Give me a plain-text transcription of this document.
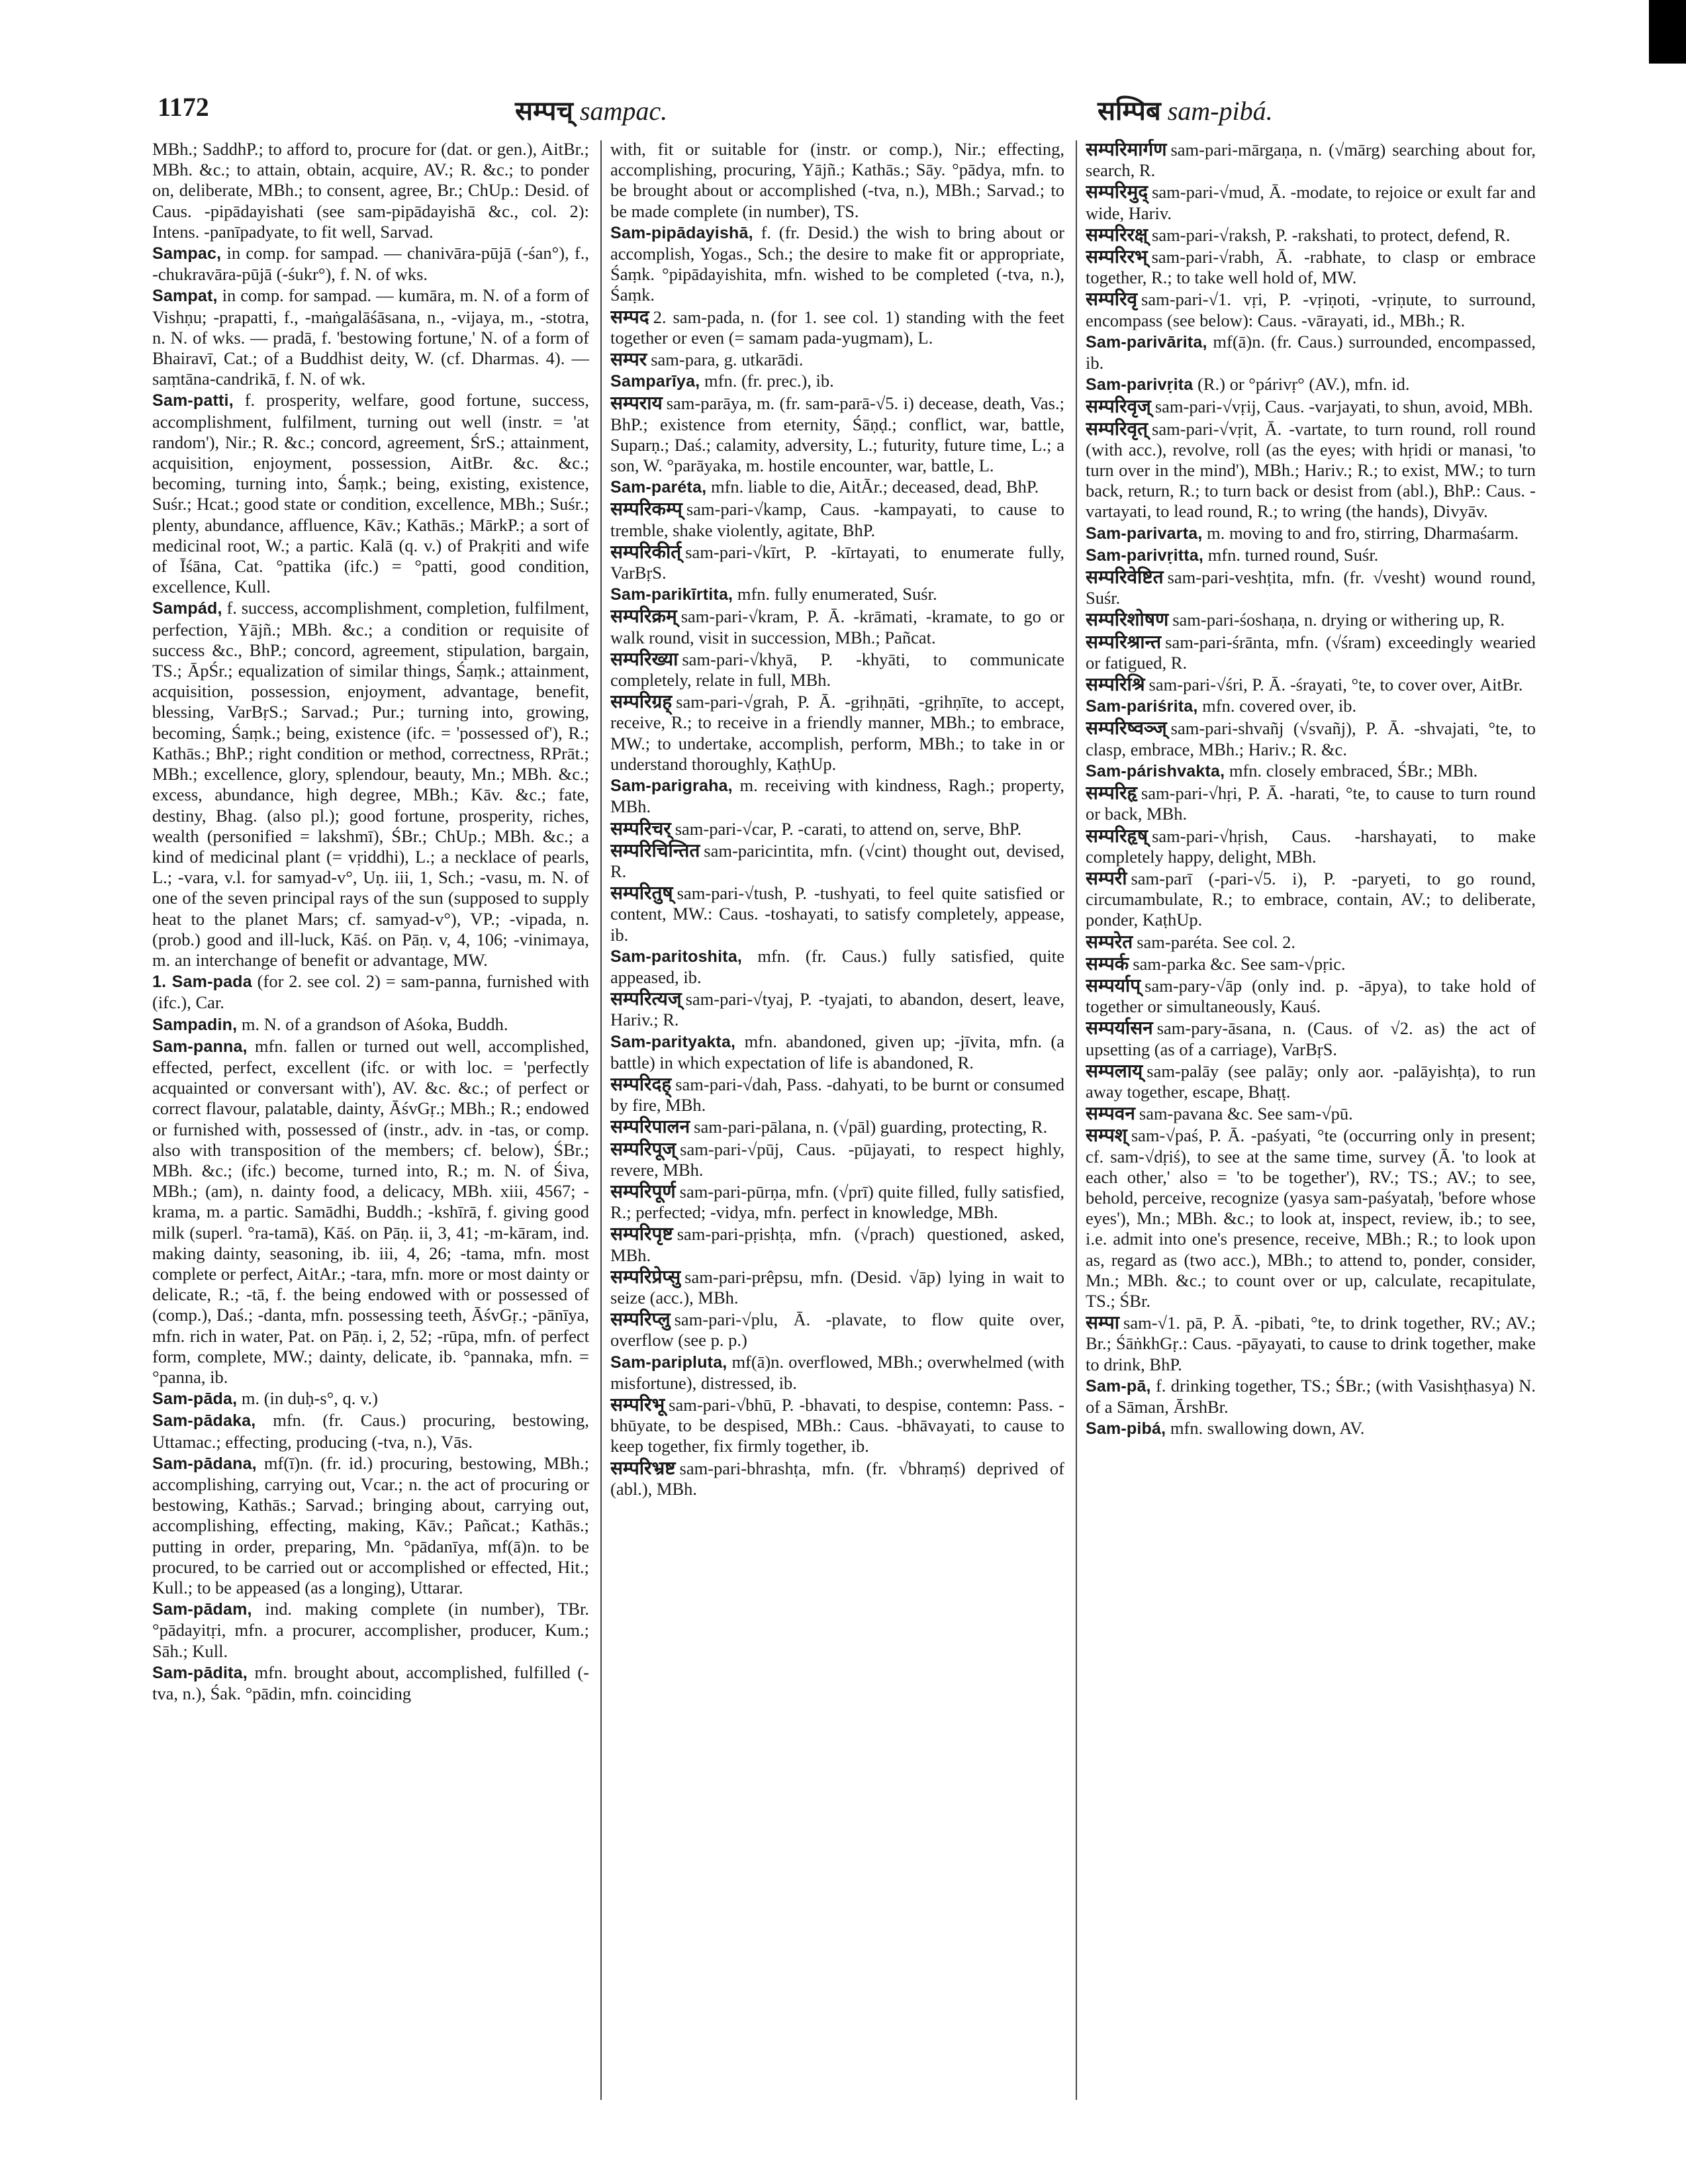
1172	सम्पच् sampac.	सम्पिब sam-pibá.

MBh.; SaddhP.; to afford to, procure for (dat. or gen.), AitBr.; MBh. &c.; to attain, obtain, acquire, AV.; R. &c.; to ponder on, deliberate, MBh.; to consent, agree, Br.; ChUp.: Desid. of Caus. -pipādayishati (see sam-pipādayishā &c., col. 2): Intens. -panīpadyate, to fit well, Sarvad.

Sampac, in comp. for sampad. — chanivāra-pūjā (-śan°), f., -chukravāra-pūjā (-śukr°), f. N. of wks.

Sampat, in comp. for sampad. — kumāra, m. N. of a form of Vishṇu; -prapatti, f., -maṅgalāśāsana, n., -vijaya, m., -stotra, n. N. of wks. — pradā, f. 'bestowing fortune,' N. of a form of Bhairavī, Cat.; of a Buddhist deity, W. (cf. Dharmas. 4). — saṃtāna-candrikā, f. N. of wk.

Sam-patti, f. prosperity, welfare, good fortune, success, accomplishment, fulfilment, turning out well (instr. = 'at random'), Nir.; R. &c.; concord, agreement, ŚrS.; attainment, acquisition, enjoyment, possession, AitBr. &c. &c.; becoming, turning into, Śaṃk.; being, existing, existence, Suśr.; Hcat.; good state or condition, excellence, MBh.; Suśr.; plenty, abundance, affluence, Kāv.; Kathās.; MārkP.; a sort of medicinal root, W.; a partic. Kalā (q. v.) of Prakṛiti and wife of Īśāna, Cat. °pattika (ifc.) = °patti, good condition, excellence, Kull.

Sampád, f. success, accomplishment, completion, fulfilment, perfection, Yājñ.; MBh. &c.; a condition or requisite of success &c., BhP.; concord, agreement, stipulation, bargain, TS.; ĀpŚr.; equalization of similar things, Śaṃk.; attainment, acquisition, possession, enjoyment, advantage, benefit, blessing, VarBṛS.; Sarvad.; Pur.; turning into, growing, becoming, Śaṃk.; being, existence (ifc. = 'possessed of'), R.; Kathās.; BhP.; right condition or method, correctness, RPrāt.; MBh.; excellence, glory, splendour, beauty, Mn.; MBh. &c.; excess, abundance, high degree, MBh.; Kāv. &c.; fate, destiny, Bhag. (also pl.); good fortune, prosperity, riches, wealth (personified = lakshmī), ŚBr.; ChUp.; MBh. &c.; a kind of medicinal plant (= vṛiddhi), L.; a necklace of pearls, L.; -vara, v.l. for samyad-v°, Uṇ. iii, 1, Sch.; -vasu, m. N. of one of the seven principal rays of the sun (supposed to supply heat to the planet Mars; cf. samyad-v°), VP.; -vipada, n. (prob.) good and ill-luck, Kāś. on Pāṇ. v, 4, 106; -vinimaya, m. an interchange of benefit or advantage, MW.

1. Sam-pada (for 2. see col. 2) = sam-panna, furnished with (ifc.), Car.

Sampadin, m. N. of a grandson of Aśoka, Buddh.

Sam-panna, mfn. fallen or turned out well, accomplished, effected, perfect, excellent (ifc. or with loc. = 'perfectly acquainted or conversant with'), AV. &c. &c.; of perfect or correct flavour, palatable, dainty, ĀśvGṛ.; MBh.; R.; endowed or furnished with, possessed of (instr., adv. in -tas, or comp. also with transposition of the members; cf. below), ŚBr.; MBh. &c.; (ifc.) become, turned into, R.; m. N. of Śiva, MBh.; (am), n. dainty food, a delicacy, MBh. xiii, 4567; -krama, m. a partic. Samādhi, Buddh.; -kshīrā, f. giving good milk (superl. °ra-tamā), Kāś. on Pāṇ. ii, 3, 41; -m-kāram, ind. making dainty, seasoning, ib. iii, 4, 26; -tama, mfn. most complete or perfect, AitAr.; -tara, mfn. more or most dainty or delicate, R.; -tā, f. the being endowed with or possessed of (comp.), Daś.; -danta, mfn. possessing teeth, ĀśvGṛ.; -pānīya, mfn. rich in water, Pat. on Pāṇ. i, 2, 52; -rūpa, mfn. of perfect form, complete, MW.; dainty, delicate, ib. °pannaka, mfn. = °panna, ib.

Sam-pāda, m. (in duḥ-s°, q. v.)

Sam-pādaka, mfn. (fr. Caus.) procuring, bestowing, Uttamac.; effecting, producing (-tva, n.), Vās.

Sam-pādana, mf(ī)n. (fr. id.) procuring, bestowing, MBh.; accomplishing, carrying out, Vcar.; n. the act of procuring or bestowing, Kathās.; Sarvad.; bringing about, carrying out, accomplishing, effecting, making, Kāv.; Pañcat.; Kathās.; putting in order, preparing, Mn. °pādanīya, mf(ā)n. to be procured, to be carried out or accomplished or effected, Hit.; Kull.; to be appeased (as a longing), Uttarar.

Sam-pādam, ind. making complete (in number), TBr. °pādayitṛi, mfn. a procurer, accomplisher, producer, Kum.; Sāh.; Kull.

Sam-pādita, mfn. brought about, accomplished, fulfilled (-tva, n.), Śak. °pādin, mfn. coinciding

with, fit or suitable for (instr. or comp.), Nir.; effecting, accomplishing, procuring, Yājñ.; Kathās.; Sāy. °pādya, mfn. to be brought about or accomplished (-tva, n.), MBh.; Sarvad.; to be made complete (in number), TS.

Sam-pipādayishā, f. (fr. Desid.) the wish to bring about or accomplish, Yogas., Sch.; the desire to make fit or appropriate, Śaṃk. °pipādayishita, mfn. wished to be completed (-tva, n.), Śaṃk.

सम्पद 2. sam-pada, n. (for 1. see col. 1) standing with the feet together or even (= samam pada-yugmam), L.

सम्पर sam-para, g. utkarādi.

Samparīya, mfn. (fr. prec.), ib.

सम्पराय sam-parāya, m. (fr. sam-parā-√5. i) decease, death, Vas.; BhP.; existence from eternity, Śāṇḍ.; conflict, war, battle, Suparṇ.; Daś.; calamity, adversity, L.; futurity, future time, L.; a son, W. °parāyaka, m. hostile encounter, war, battle, L.

Sam-paréta, mfn. liable to die, AitĀr.; deceased, dead, BhP.

सम्परिकम्प् sam-pari-√kamp, Caus. -kampayati, to cause to tremble, shake violently, agitate, BhP.

सम्परिकीर्त् sam-pari-√kīrt, P. -kīrtayati, to enumerate fully, VarBṛS.

Sam-parikīrtita, mfn. fully enumerated, Suśr.

सम्परिक्रम् sam-pari-√kram, P. Ā. -krāmati, -kramate, to go or walk round, visit in succession, MBh.; Pañcat.

सम्परिख्या sam-pari-√khyā, P. -khyāti, to communicate completely, relate in full, MBh.

सम्परिग्रह् sam-pari-√grah, P. Ā. -gṛihṇāti, -gṛihṇīte, to accept, receive, R.; to receive in a friendly manner, MBh.; to embrace, MW.; to undertake, accomplish, perform, MBh.; to take in or understand thoroughly, KaṭhUp.

Sam-parigraha, m. receiving with kindness, Ragh.; property, MBh.

सम्परिचर् sam-pari-√car, P. -carati, to attend on, serve, BhP.

सम्परिचिन्तित sam-paricintita, mfn. (√cint) thought out, devised, R.

सम्परितुष् sam-pari-√tush, P. -tushyati, to feel quite satisfied or content, MW.: Caus. -toshayati, to satisfy completely, appease, ib.

Sam-paritoshita, mfn. (fr. Caus.) fully satisfied, quite appeased, ib.

सम्परित्यज् sam-pari-√tyaj, P. -tyajati, to abandon, desert, leave, Hariv.; R.

Sam-parityakta, mfn. abandoned, given up; -jīvita, mfn. (a battle) in which expectation of life is abandoned, R.

सम्परिदह् sam-pari-√dah, Pass. -dahyati, to be burnt or consumed by fire, MBh.

सम्परिपालन sam-pari-pālana, n. (√pāl) guarding, protecting, R.

सम्परिपूज् sam-pari-√pūj, Caus. -pūjayati, to respect highly, revere, MBh.

सम्परिपूर्ण sam-pari-pūrṇa, mfn. (√prī) quite filled, fully satisfied, R.; perfected; -vidya, mfn. perfect in knowledge, MBh.

सम्परिपृष्ट sam-pari-pṛishṭa, mfn. (√prach) questioned, asked, MBh.

सम्परिप्रेप्सु sam-pari-prêpsu, mfn. (Desid. √āp) lying in wait to seize (acc.), MBh.

सम्परिप्लु sam-pari-√plu, Ā. -plavate, to flow quite over, overflow (see p. p.)

Sam-paripluta, mf(ā)n. overflowed, MBh.; overwhelmed (with misfortune), distressed, ib.

सम्परिभू sam-pari-√bhū, P. -bhavati, to despise, contemn: Pass. -bhūyate, to be despised, MBh.: Caus. -bhāvayati, to cause to keep together, fix firmly together, ib.

सम्परिभ्रष्ट sam-pari-bhrashṭa, mfn. (fr. √bhraṃś) deprived of (abl.), MBh.

सम्परिमार्गण sam-pari-mārgaṇa, n. (√mārg) searching about for, search, R.

सम्परिमुद् sam-pari-√mud, Ā. -modate, to rejoice or exult far and wide, Hariv.

सम्परिरक्ष् sam-pari-√raksh, P. -rakshati, to protect, defend, R.

सम्परिरभ् sam-pari-√rabh, Ā. -rabhate, to clasp or embrace together, R.; to take well hold of, MW.

सम्परिवृ sam-pari-√1. vṛi, P. -vṛiṇoti, -vṛiṇute, to surround, encompass (see below): Caus. -vārayati, id., MBh.; R.

Sam-parivārita, mf(ā)n. (fr. Caus.) surrounded, encompassed, ib.

Sam-parivṛita (R.) or °párivṛ° (AV.), mfn. id.

सम्परिवृज् sam-pari-√vṛij, Caus. -varjayati, to shun, avoid, MBh.

सम्परिवृत् sam-pari-√vṛit, Ā. -vartate, to turn round, roll round (with acc.), revolve, roll (as the eyes; with hṛidi or manasi, 'to turn over in the mind'), MBh.; Hariv.; R.; to exist, MW.; to turn back, return, R.; to turn back or desist from (abl.), BhP.: Caus. -vartayati, to lead round, R.; to wring (the hands), Divyāv.

Sam-parivarta, m. moving to and fro, stirring, Dharmaśarm.

Sam-parivṛitta, mfn. turned round, Suśr.

सम्परिवेष्टित sam-pari-veshṭita, mfn. (fr. √vesht) wound round, Suśr.

सम्परिशोषण sam-pari-śoshaṇa, n. drying or withering up, R.

सम्परिश्रान्त sam-pari-śrānta, mfn. (√śram) exceedingly wearied or fatigued, R.

सम्परिश्रि sam-pari-√śri, P. Ā. -śrayati, °te, to cover over, AitBr.

Sam-pariśrita, mfn. covered over, ib.

सम्परिष्वञ्ज् sam-pari-shvañj (√svañj), P. Ā. -shvajati, °te, to clasp, embrace, MBh.; Hariv.; R. &c.

Sam-párishvakta, mfn. closely embraced, ŚBr.; MBh.

सम्परिहृ sam-pari-√hṛi, P. Ā. -harati, °te, to cause to turn round or back, MBh.

सम्परिहृष् sam-pari-√hṛish, Caus. -harshayati, to make completely happy, delight, MBh.

सम्परी sam-parī (-pari-√5. i), P. -paryeti, to go round, circumambulate, R.; to embrace, contain, AV.; to deliberate, ponder, KaṭhUp.

सम्परेत sam-paréta. See col. 2.

सम्पर्क sam-parka &c. See sam-√pṛic.

सम्पर्याप् sam-pary-√āp (only ind. p. -āpya), to take hold of together or simultaneously, Kauś.

सम्पर्यासन sam-pary-āsana, n. (Caus. of √2. as) the act of upsetting (as of a carriage), VarBṛS.

सम्पलाय् sam-palāy (see palāy; only aor. -palāyishṭa), to run away together, escape, Bhaṭṭ.

सम्पवन sam-pavana &c. See sam-√pū.

सम्पश् sam-√paś, P. Ā. -paśyati, °te (occurring only in present; cf. sam-√dṛiś), to see at the same time, survey (Ā. 'to look at each other,' also = 'to be together'), RV.; TS.; AV.; to see, behold, perceive, recognize (yasya sam-paśyataḥ, 'before whose eyes'), Mn.; MBh. &c.; to look at, inspect, review, ib.; to see, i.e. admit into one's presence, receive, MBh.; R.; to look upon as, regard as (two acc.), MBh.; to attend to, ponder, consider, Mn.; MBh. &c.; to count over or up, calculate, recapitulate, TS.; ŚBr.

सम्पा sam-√1. pā, P. Ā. -pibati, °te, to drink together, RV.; AV.; Br.; ŚāṅkhGṛ.: Caus. -pāyayati, to cause to drink together, make to drink, BhP.

Sam-pā, f. drinking together, TS.; ŚBr.; (with Vasishṭhasya) N. of a Sāman, ĀrshBr.

Sam-pibá, mfn. swallowing down, AV.
